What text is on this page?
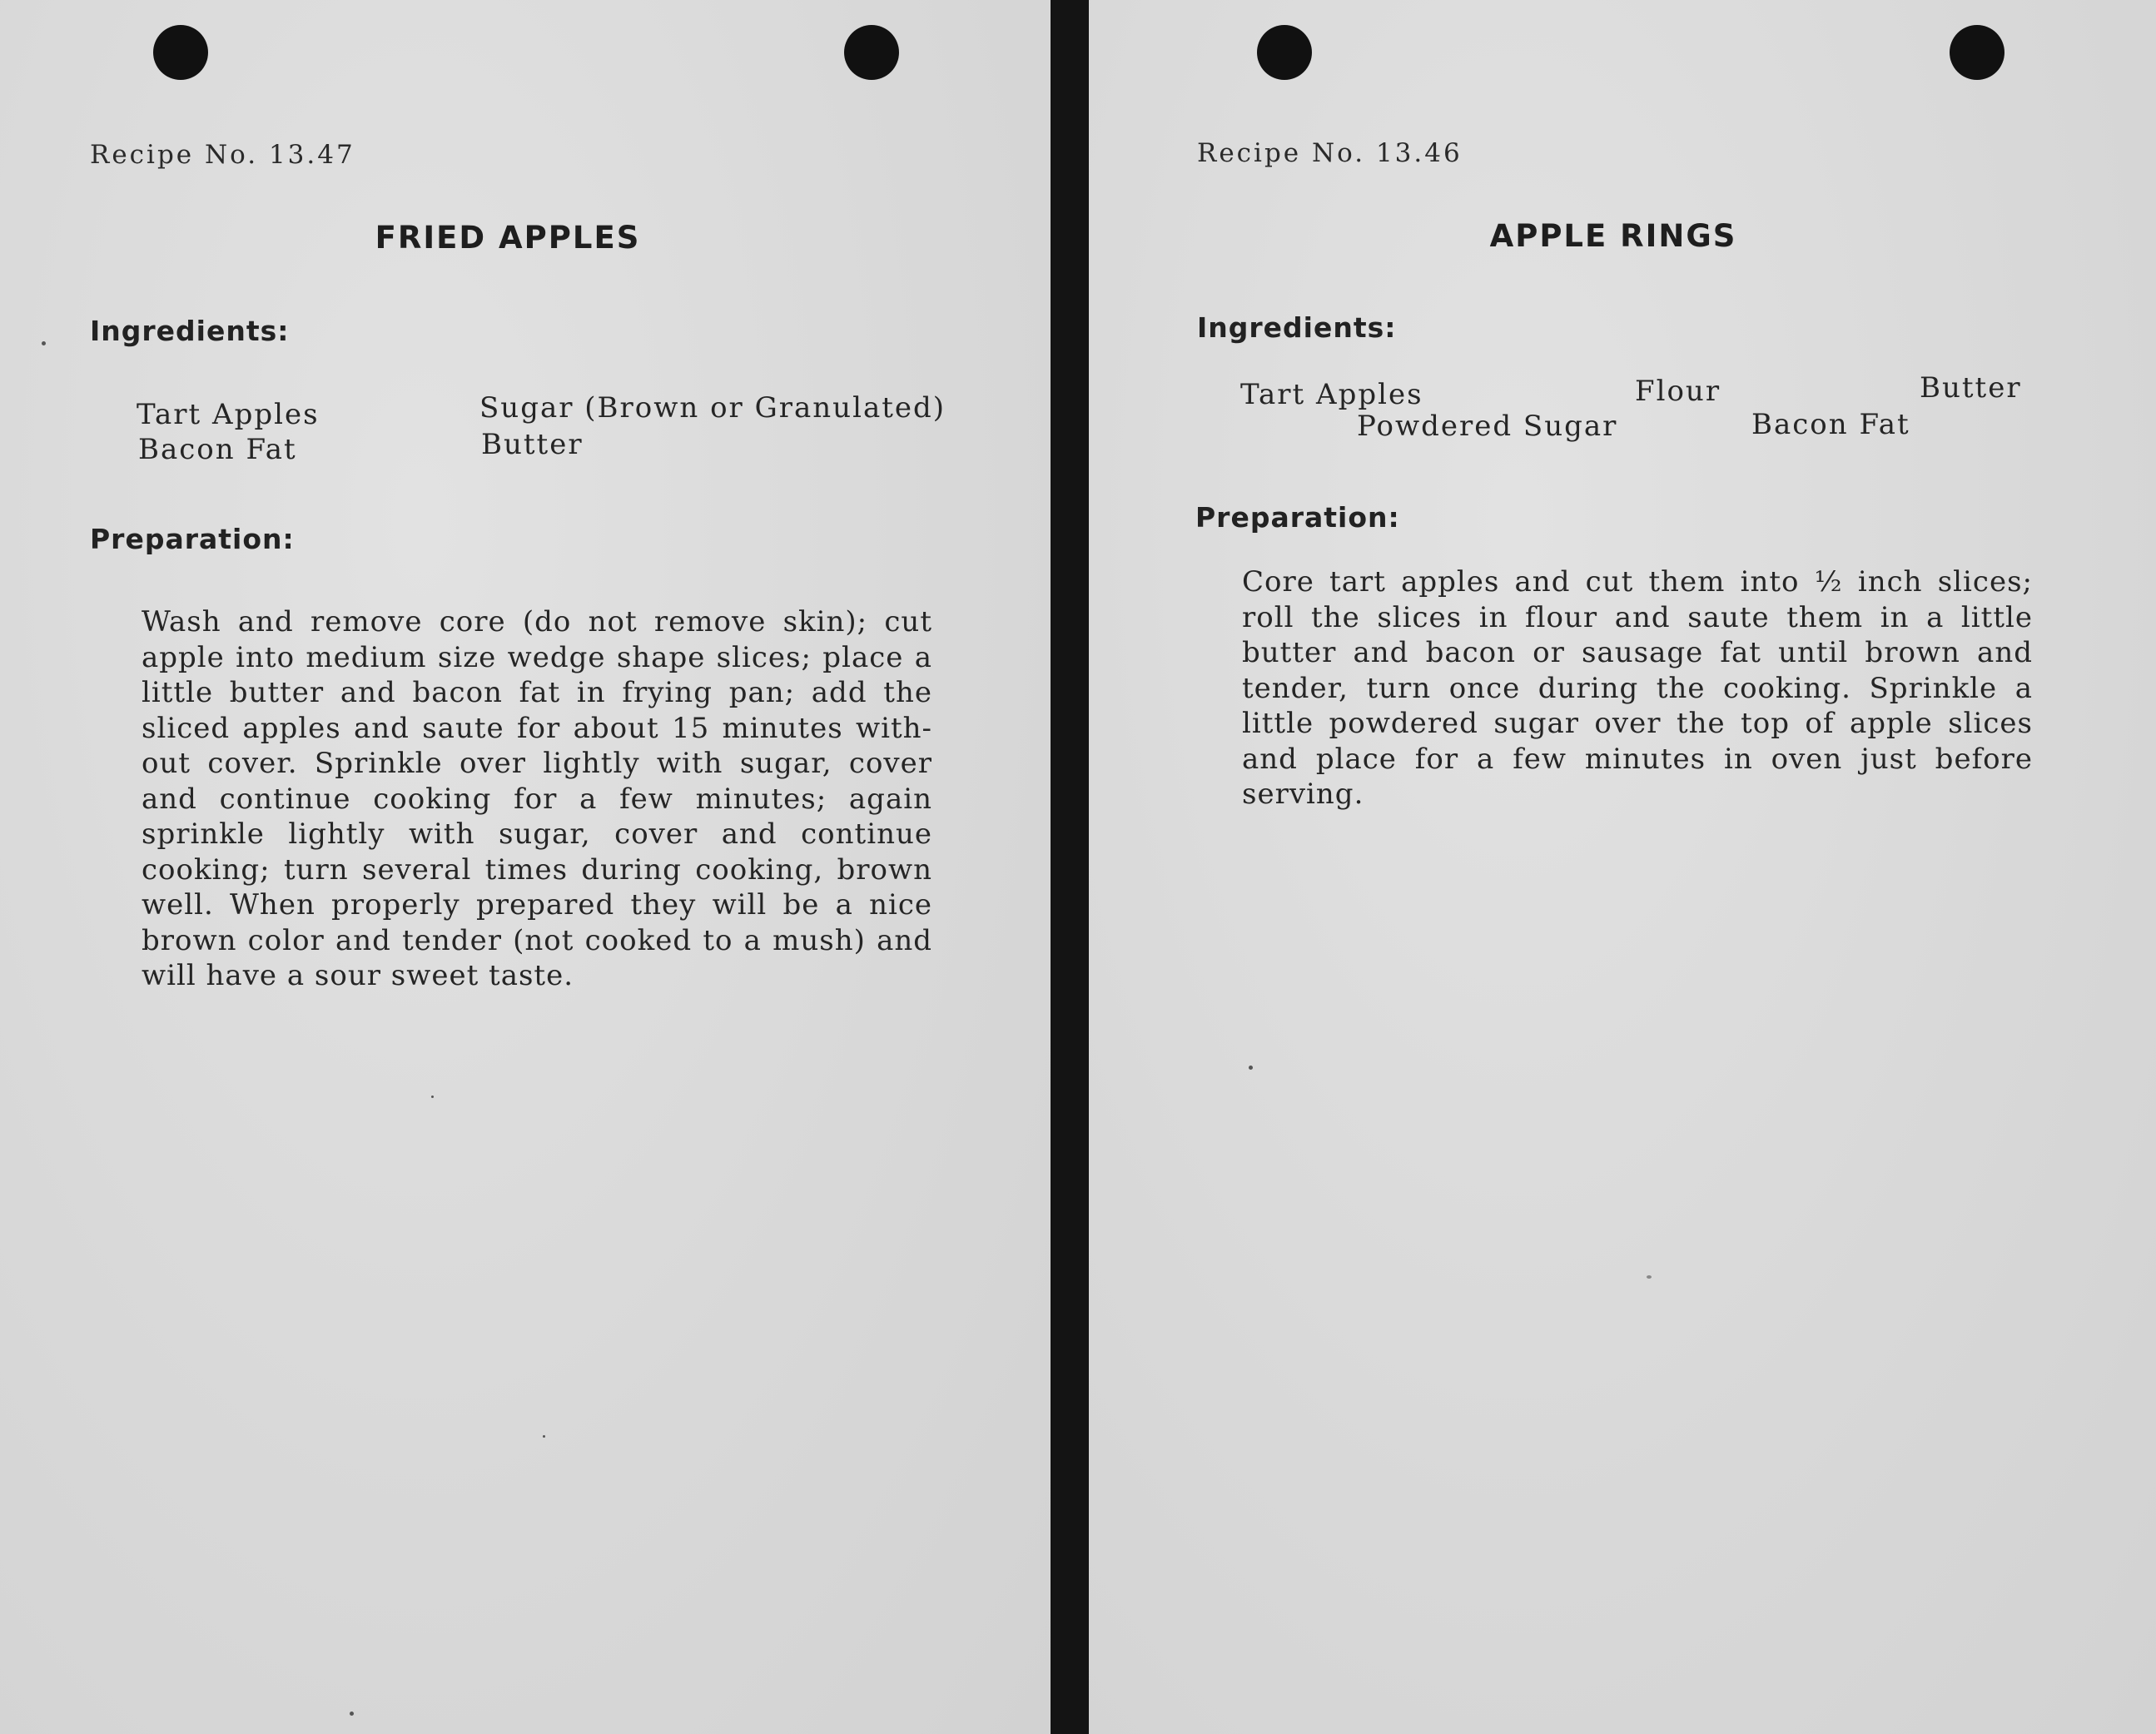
Recipe No. 13.47
FRIED APPLES
Ingredients:
Tart Apples
Bacon Fat
Sugar (Brown or Granulated)
Butter
Preparation:
Wash and remove core (do not remove skin); cut
apple into medium size wedge shape slices; place a
little butter and bacon fat in frying pan; add the
sliced apples and saute for about 15 minutes with-
out cover. Sprinkle over lightly with sugar, cover
and continue cooking for a few minutes; again
sprinkle lightly with sugar, cover and continue
cooking; turn several times during cooking, brown
well. When properly prepared they will be a nice
brown color and tender (not cooked to a mush) and
will have a sour sweet taste.
Recipe No. 13.46
APPLE RINGS
Ingredients:
Tart Apples
Powdered Sugar
Flour
Bacon Fat
Butter
Preparation:
Core tart apples and cut them into ½ inch slices;
roll the slices in flour and saute them in a little
butter and bacon or sausage fat until brown and
tender, turn once during the cooking. Sprinkle a
little powdered sugar over the top of apple slices
and place for a few minutes in oven just before
serving.
